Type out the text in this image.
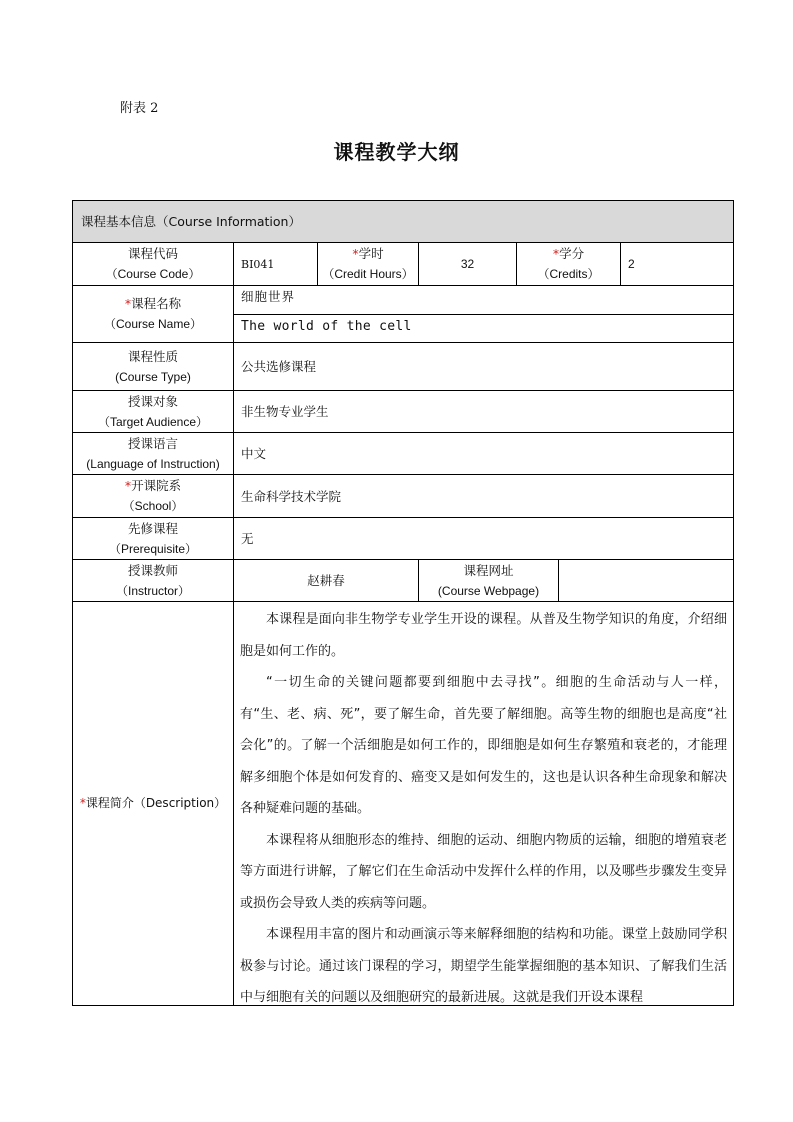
附表 2
课程教学大纲
课程基本信息（Course Information）
课程代码
（Course Code）
BI041
*学时
（Credit Hours）
32
*学分
（Credits）
2
*课程名称
（Course Name）
细胞世界
The world of the cell
课程性质
(Course Type)
公共选修课程
授课对象
（Target Audience）
非生物专业学生
授课语言
(Language of Instruction)
中文
*开课院系
（School）
生命科学技术学院
先修课程
（Prerequisite）
无
授课教师
（Instructor）
赵耕春
课程网址
(Course Webpage)
*课程简介（Description）

本课程是面向非生物学专业学生开设的课程。从普及生物学知识的角度，介绍细胞是如何工作的。

“一切生命的关键问题都要到细胞中去寻找”。细胞的生命活动与人一样，有“生、老、病、死”，要了解生命，首先要了解细胞。高等生物的细胞也是高度“社会化”的。了解一个活细胞是如何工作的，即细胞是如何生存繁殖和衰老的，才能理解多细胞个体是如何发育的、癌变又是如何发生的，这也是认识各种生命现象和解决各种疑难问题的基础。

本课程将从细胞形态的维持、细胞的运动、细胞内物质的运输，细胞的增殖衰老等方面进行讲解，了解它们在生命活动中发挥什么样的作用，以及哪些步骤发生变异或损伤会导致人类的疾病等问题。

本课程用丰富的图片和动画演示等来解释细胞的结构和功能。课堂上鼓励同学积极参与讨论。通过该门课程的学习，期望学生能掌握细胞的基本知识、了解我们生活中与细胞有关的问题以及细胞研究的最新进展。这就是我们开设本课程
